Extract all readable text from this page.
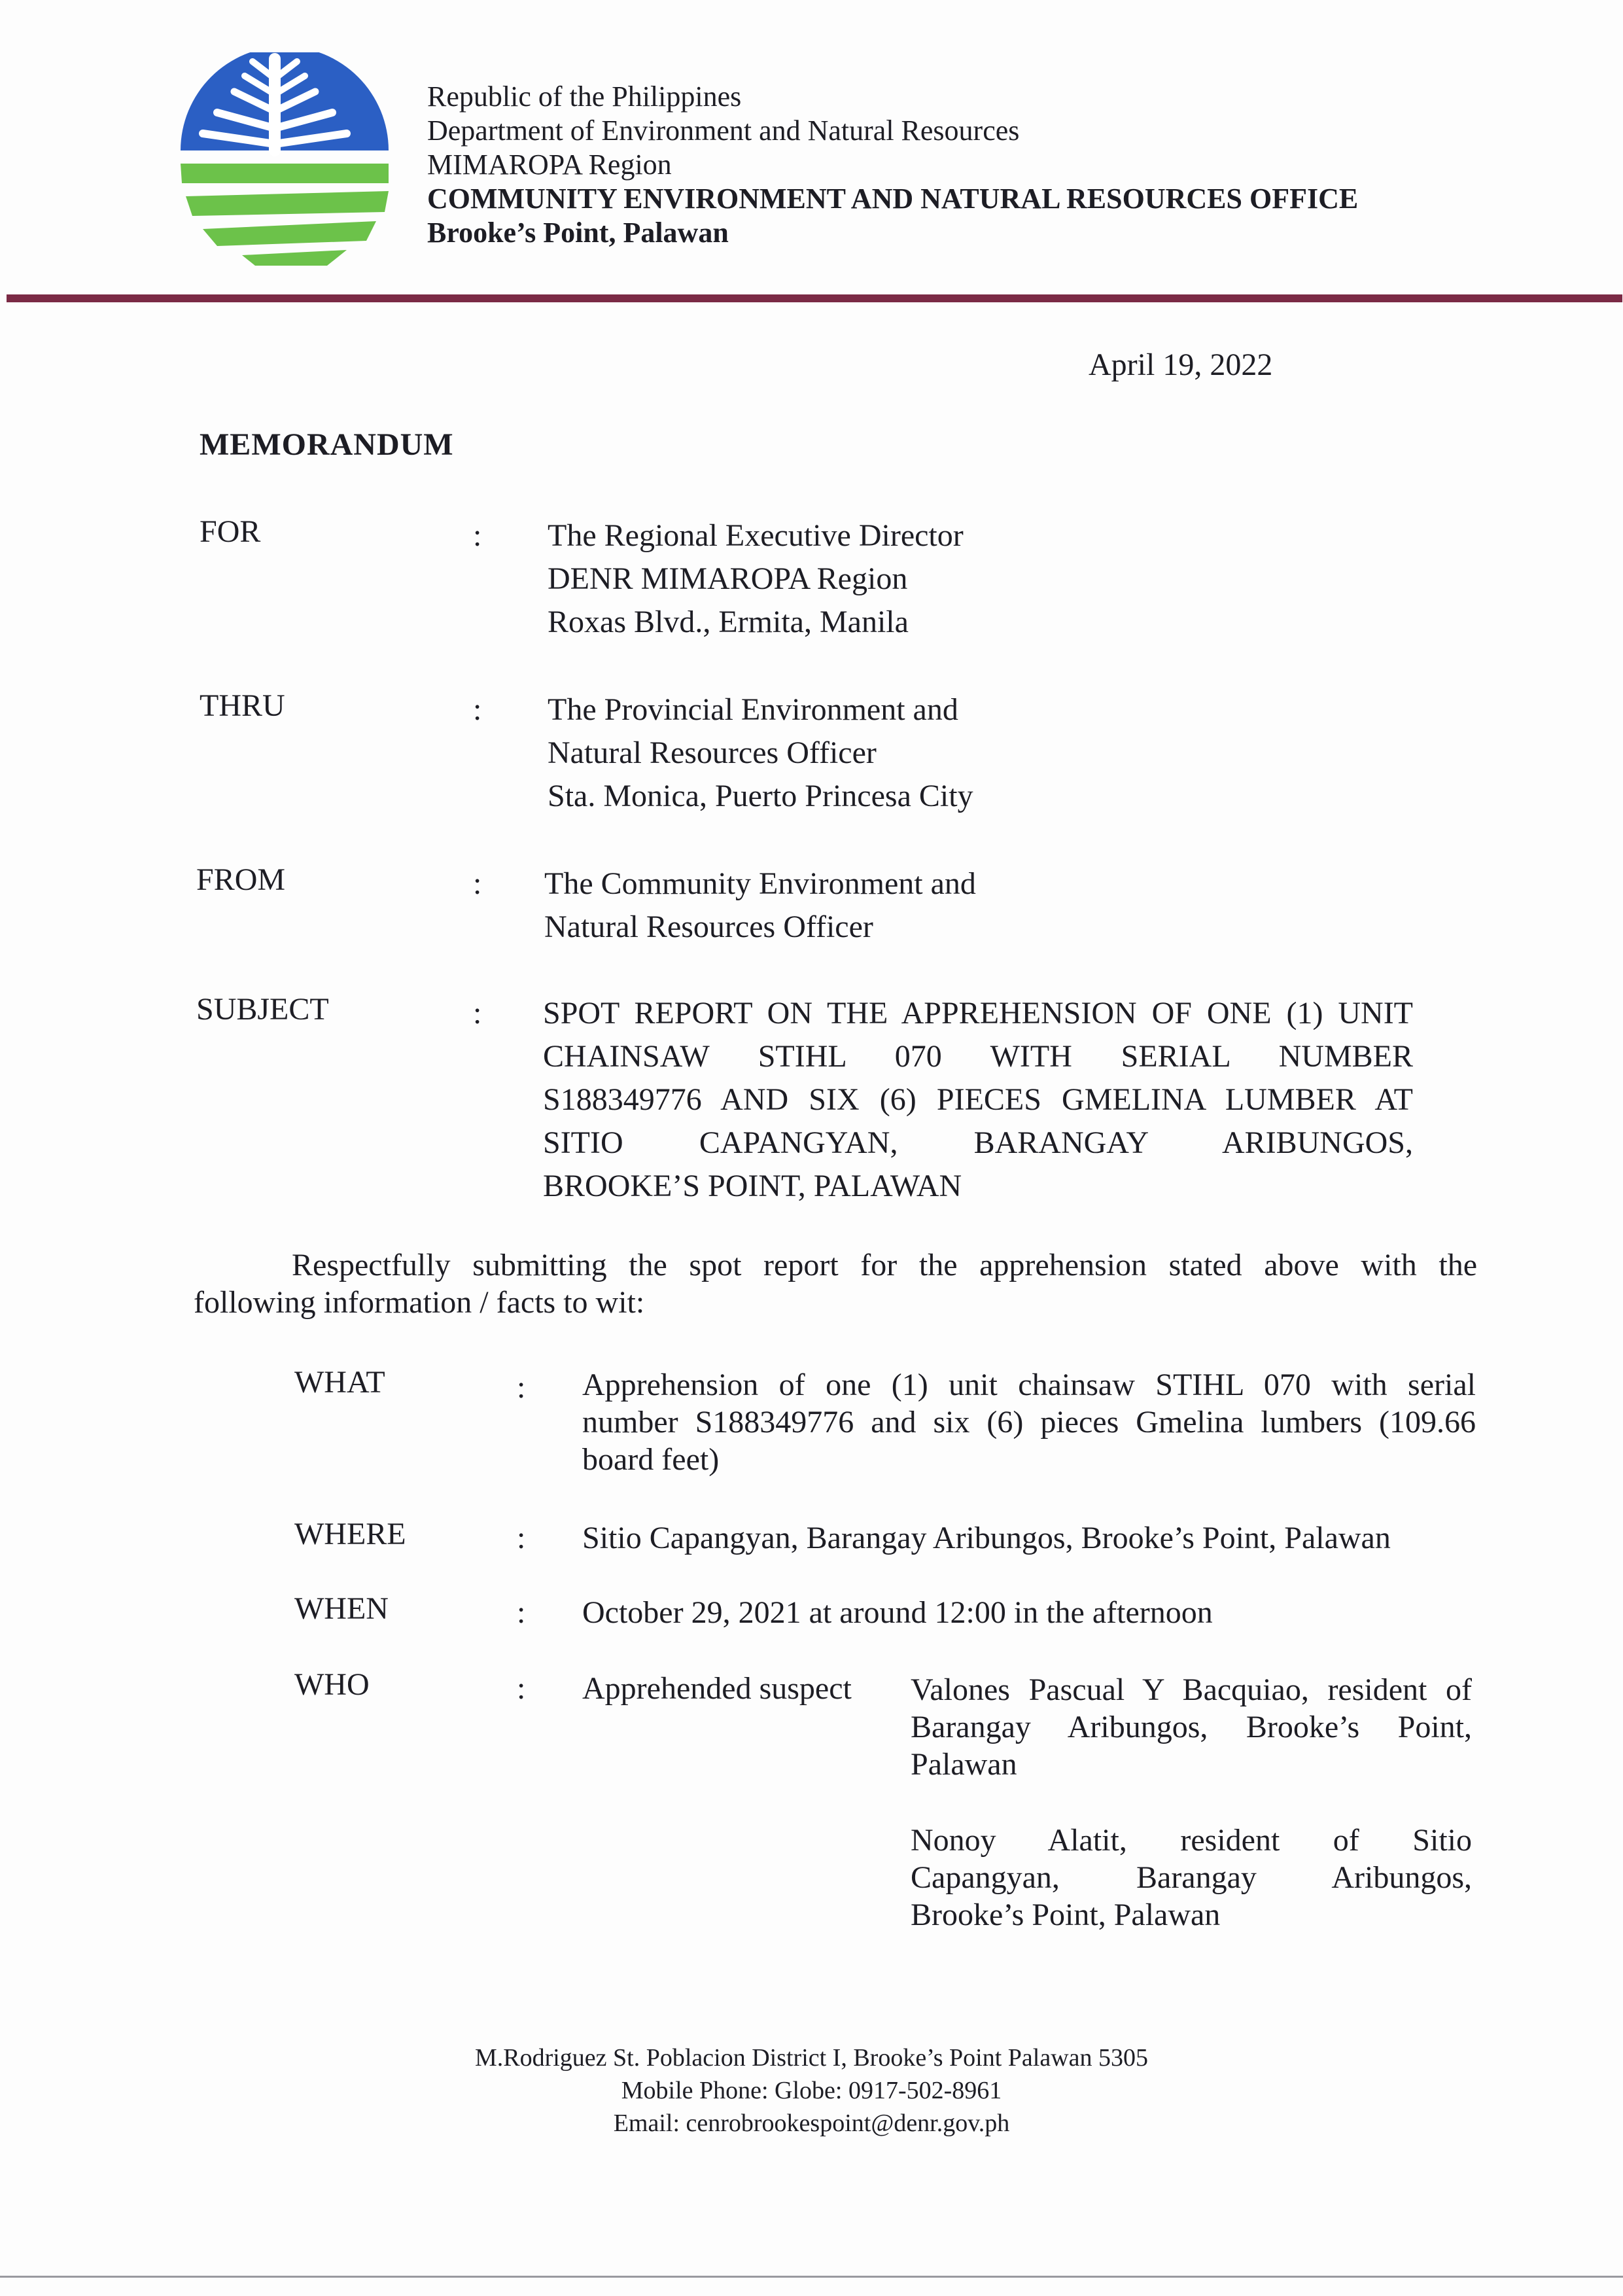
Republic of the Philippines
Department of Environment and Natural Resources
MIMAROPA Region
COMMUNITY ENVIRONMENT AND NATURAL RESOURCES OFFICE
Brooke’s Point, Palawan
April 19, 2022
MEMORANDUM
FOR	: The Regional Executive Director
DENR MIMAROPA Region
Roxas Blvd., Ermita, Manila
THRU	: The Provincial Environment and
Natural Resources Officer
Sta. Monica, Puerto Princesa City
FROM	: The Community Environment and
Natural Resources Officer
SUBJECT	: SPOT REPORT ON THE APPREHENSION OF ONE (1) UNIT
CHAINSAW STIHL 070 WITH SERIAL NUMBER
S188349776 AND SIX (6) PIECES GMELINA LUMBER AT
SITIO CAPANGYAN, BARANGAY ARIBUNGOS,
BROOKE’S POINT, PALAWAN
Respectfully submitting the spot report for the apprehension stated above with the
following information / facts to wit:
WHAT	: Apprehension of one (1) unit chainsaw STIHL 070 with serial
number S188349776 and six (6) pieces Gmelina lumbers (109.66
board feet)
WHERE	: Sitio Capangyan, Barangay Aribungos, Brooke’s Point, Palawan
WHEN	: October 29, 2021 at around 12:00 in the afternoon
WHO	: Apprehended suspect Valones Pascual Y Bacquiao, resident of
Barangay Aribungos, Brooke’s Point,
Palawan
Nonoy Alatit, resident of Sitio
Capangyan, Barangay Aribungos,
Brooke’s Point, Palawan
M.Rodriguez St. Poblacion District I, Brooke’s Point Palawan 5305
Mobile Phone: Globe: 0917-502-8961
Email: cenrobrookespoint@denr.gov.ph
